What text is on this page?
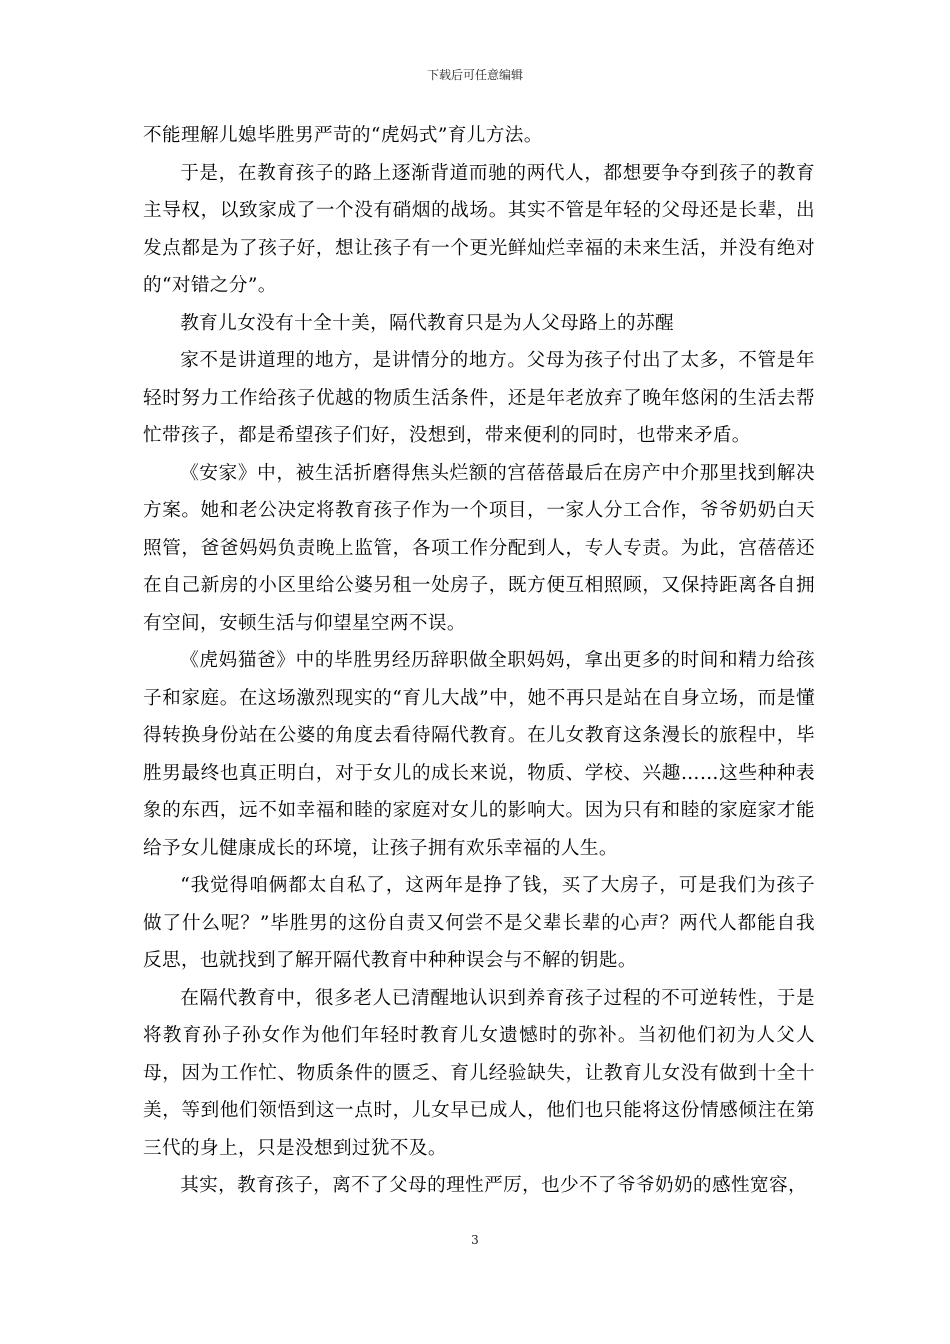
下载后可任意编辑

不能理解儿媳毕胜男严苛的“虎妈式”育儿方法。

于是，在教育孩子的路上逐渐背道而驰的两代人，都想要争夺到孩子的教育主导权，以致家成了一个没有硝烟的战场。其实不管是年轻的父母还是长辈，出发点都是为了孩子好，想让孩子有一个更光鲜灿烂幸福的未来生活，并没有绝对的“对错之分”。

教育儿女没有十全十美，隔代教育只是为人父母路上的苏醒

家不是讲道理的地方，是讲情分的地方。父母为孩子付出了太多，不管是年轻时努力工作给孩子优越的物质生活条件，还是年老放弃了晚年悠闲的生活去帮忙带孩子，都是希望孩子们好，没想到，带来便利的同时，也带来矛盾。

《安家》中，被生活折磨得焦头烂额的宫蓓蓓最后在房产中介那里找到解决方案。她和老公决定将教育孩子作为一个项目，一家人分工合作，爷爷奶奶白天照管，爸爸妈妈负责晚上监管，各项工作分配到人，专人专责。为此，宫蓓蓓还在自己新房的小区里给公婆另租一处房子，既方便互相照顾，又保持距离各自拥有空间，安顿生活与仰望星空两不误。

《虎妈猫爸》中的毕胜男经历辞职做全职妈妈，拿出更多的时间和精力给孩子和家庭。在这场激烈现实的“育儿大战”中，她不再只是站在自身立场，而是懂得转换身份站在公婆的角度去看待隔代教育。在儿女教育这条漫长的旅程中，毕胜男最终也真正明白，对于女儿的成长来说，物质、学校、兴趣……这些种种表象的东西，远不如幸福和睦的家庭对女儿的影响大。因为只有和睦的家庭家才能给予女儿健康成长的环境，让孩子拥有欢乐幸福的人生。

“我觉得咱俩都太自私了，这两年是挣了钱，买了大房子，可是我们为孩子做了什么呢？”毕胜男的这份自责又何尝不是父辈长辈的心声？两代人都能自我反思，也就找到了解开隔代教育中种种误会与不解的钥匙。

在隔代教育中，很多老人已清醒地认识到养育孩子过程的不可逆转性，于是将教育孙子孙女作为他们年轻时教育儿女遗憾时的弥补。当初他们初为人父人母，因为工作忙、物质条件的匮乏、育儿经验缺失，让教育儿女没有做到十全十美，等到他们领悟到这一点时，儿女早已成人，他们也只能将这份情感倾注在第三代的身上，只是没想到过犹不及。

其实，教育孩子，离不了父母的理性严厉，也少不了爷爷奶奶的感性宽容，

3
